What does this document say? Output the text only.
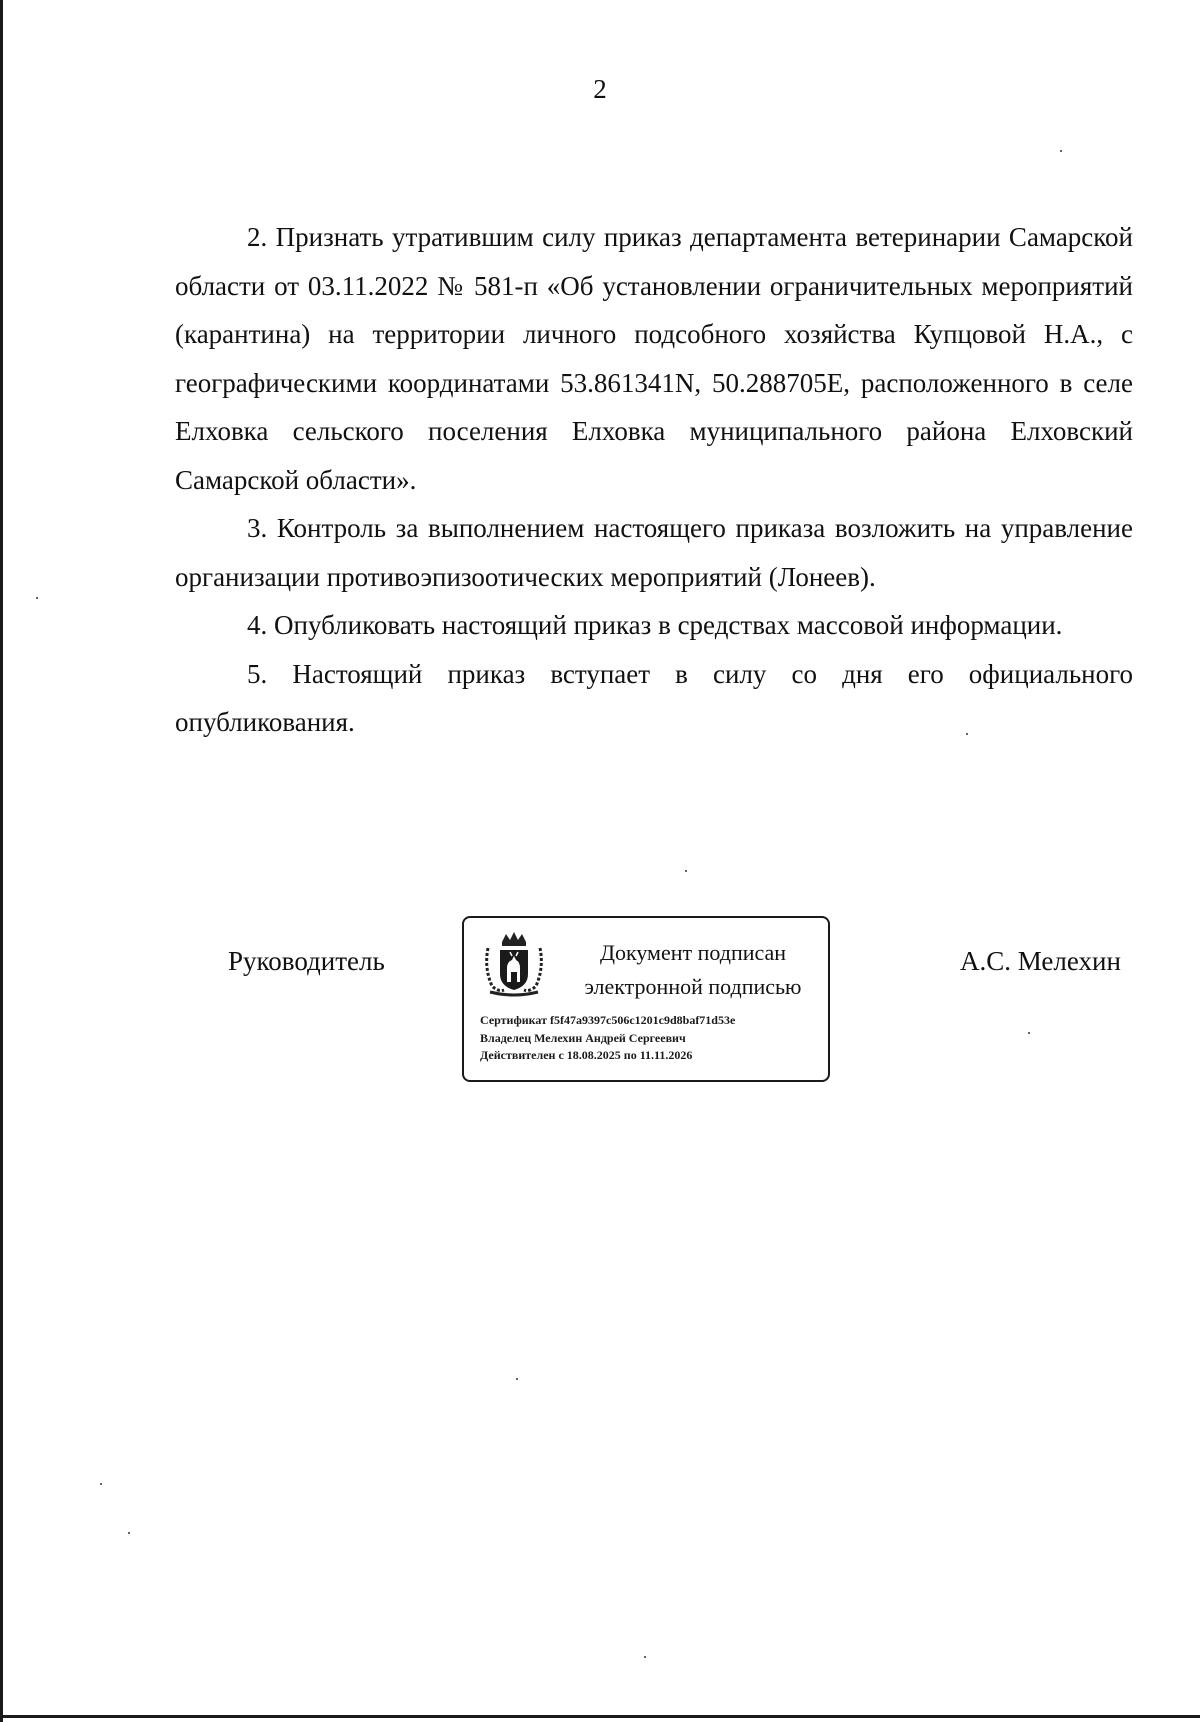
2

2. Признать утратившим силу приказ департамента ветеринарии Самарской области от 03.11.2022 № 581-п «Об установлении ограничительных мероприятий (карантина) на территории личного подсобного хозяйства Купцовой Н.А., с географическими координатами 53.861341N, 50.288705E, расположенного в селе Елховка сельского поселения Елховка муниципального района Елховский Самарской области».

3. Контроль за выполнением настоящего приказа возложить на управление организации противоэпизоотических мероприятий (Лонеев).

4. Опубликовать настоящий приказ в средствах массовой информации.

5. Настоящий приказ вступает в силу со дня его официального опубликования.

Руководитель	Документ подписан
электронной подписью
Сертификат f5f47a9397c506c1201c9d8baf71d53e
Владелец Мелехин Андрей Сергеевич
Действителен с 18.08.2025 по 11.11.2026
А.С. Мелехин
